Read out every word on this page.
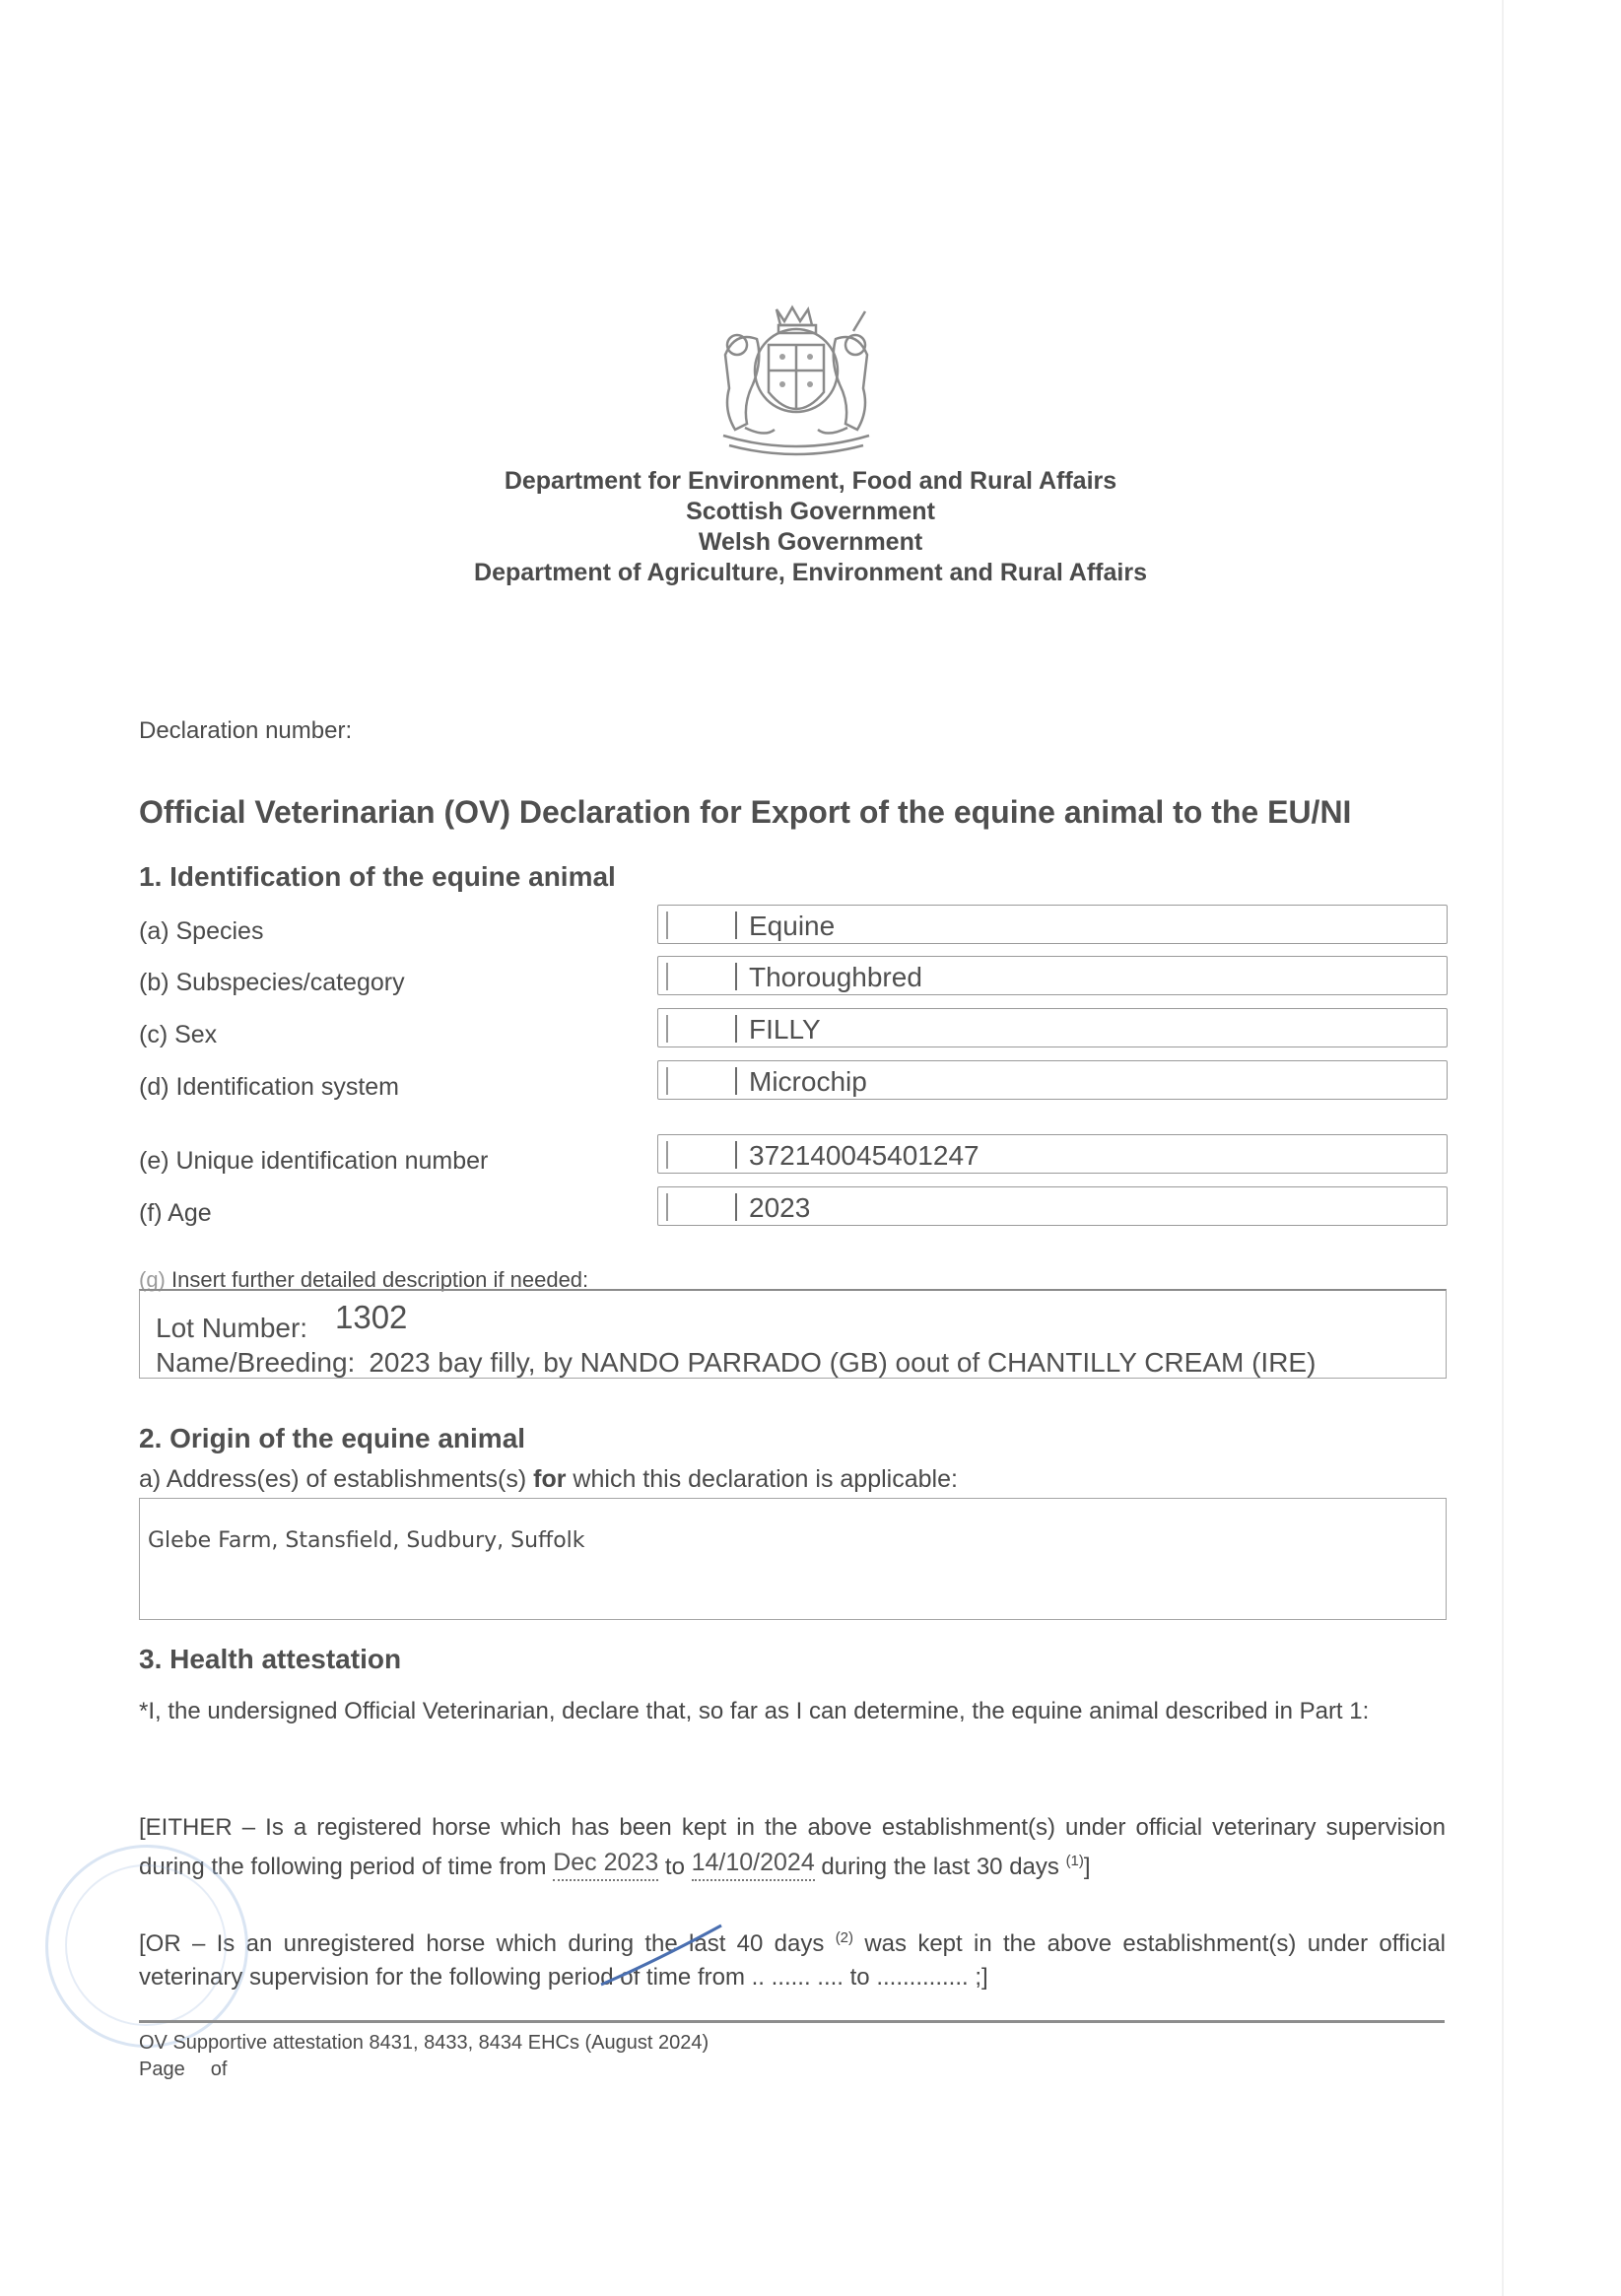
Department for Environment, Food and Rural Affairs
Scottish Government
Welsh Government
Department of Agriculture, Environment and Rural Affairs
Declaration number:
Official Veterinarian (OV) Declaration for Export of the equine animal to the EU/NI
1. Identification of the equine animal
(a) Species	Equine
(b) Subspecies/category	Thoroughbred
(c) Sex	FILLY
(d) Identification system	Microchip
(e) Unique identification number	372140045401247
(f) Age	2023
(g) Insert further detailed description if needed:
Lot Number: 1302
Name/Breeding: 2023 bay filly, by NANDO PARRADO (GB) oout of CHANTILLY CREAM (IRE)
2. Origin of the equine animal
a) Address(es) of establishments(s) for which this declaration is applicable:
Glebe Farm, Stansfield, Sudbury, Suffolk
3. Health attestation
*I, the undersigned Official Veterinarian, declare that, so far as I can determine, the equine animal described in Part 1:
[EITHER – Is a registered horse which has been kept in the above establishment(s) under official veterinary supervision during the following period of time from Dec 2023 to 14/10/2024 during the last 30 days $^{(1)}$]
[OR – Is an unregistered horse which during the last 40 days $^{(2)}$ was kept in the above establishment(s) under official veterinary supervision for the following period of time from .. ...... .... to .............. ;]
OV Supportive attestation 8431, 8433, 8434 EHCs (August 2024)
Page of
